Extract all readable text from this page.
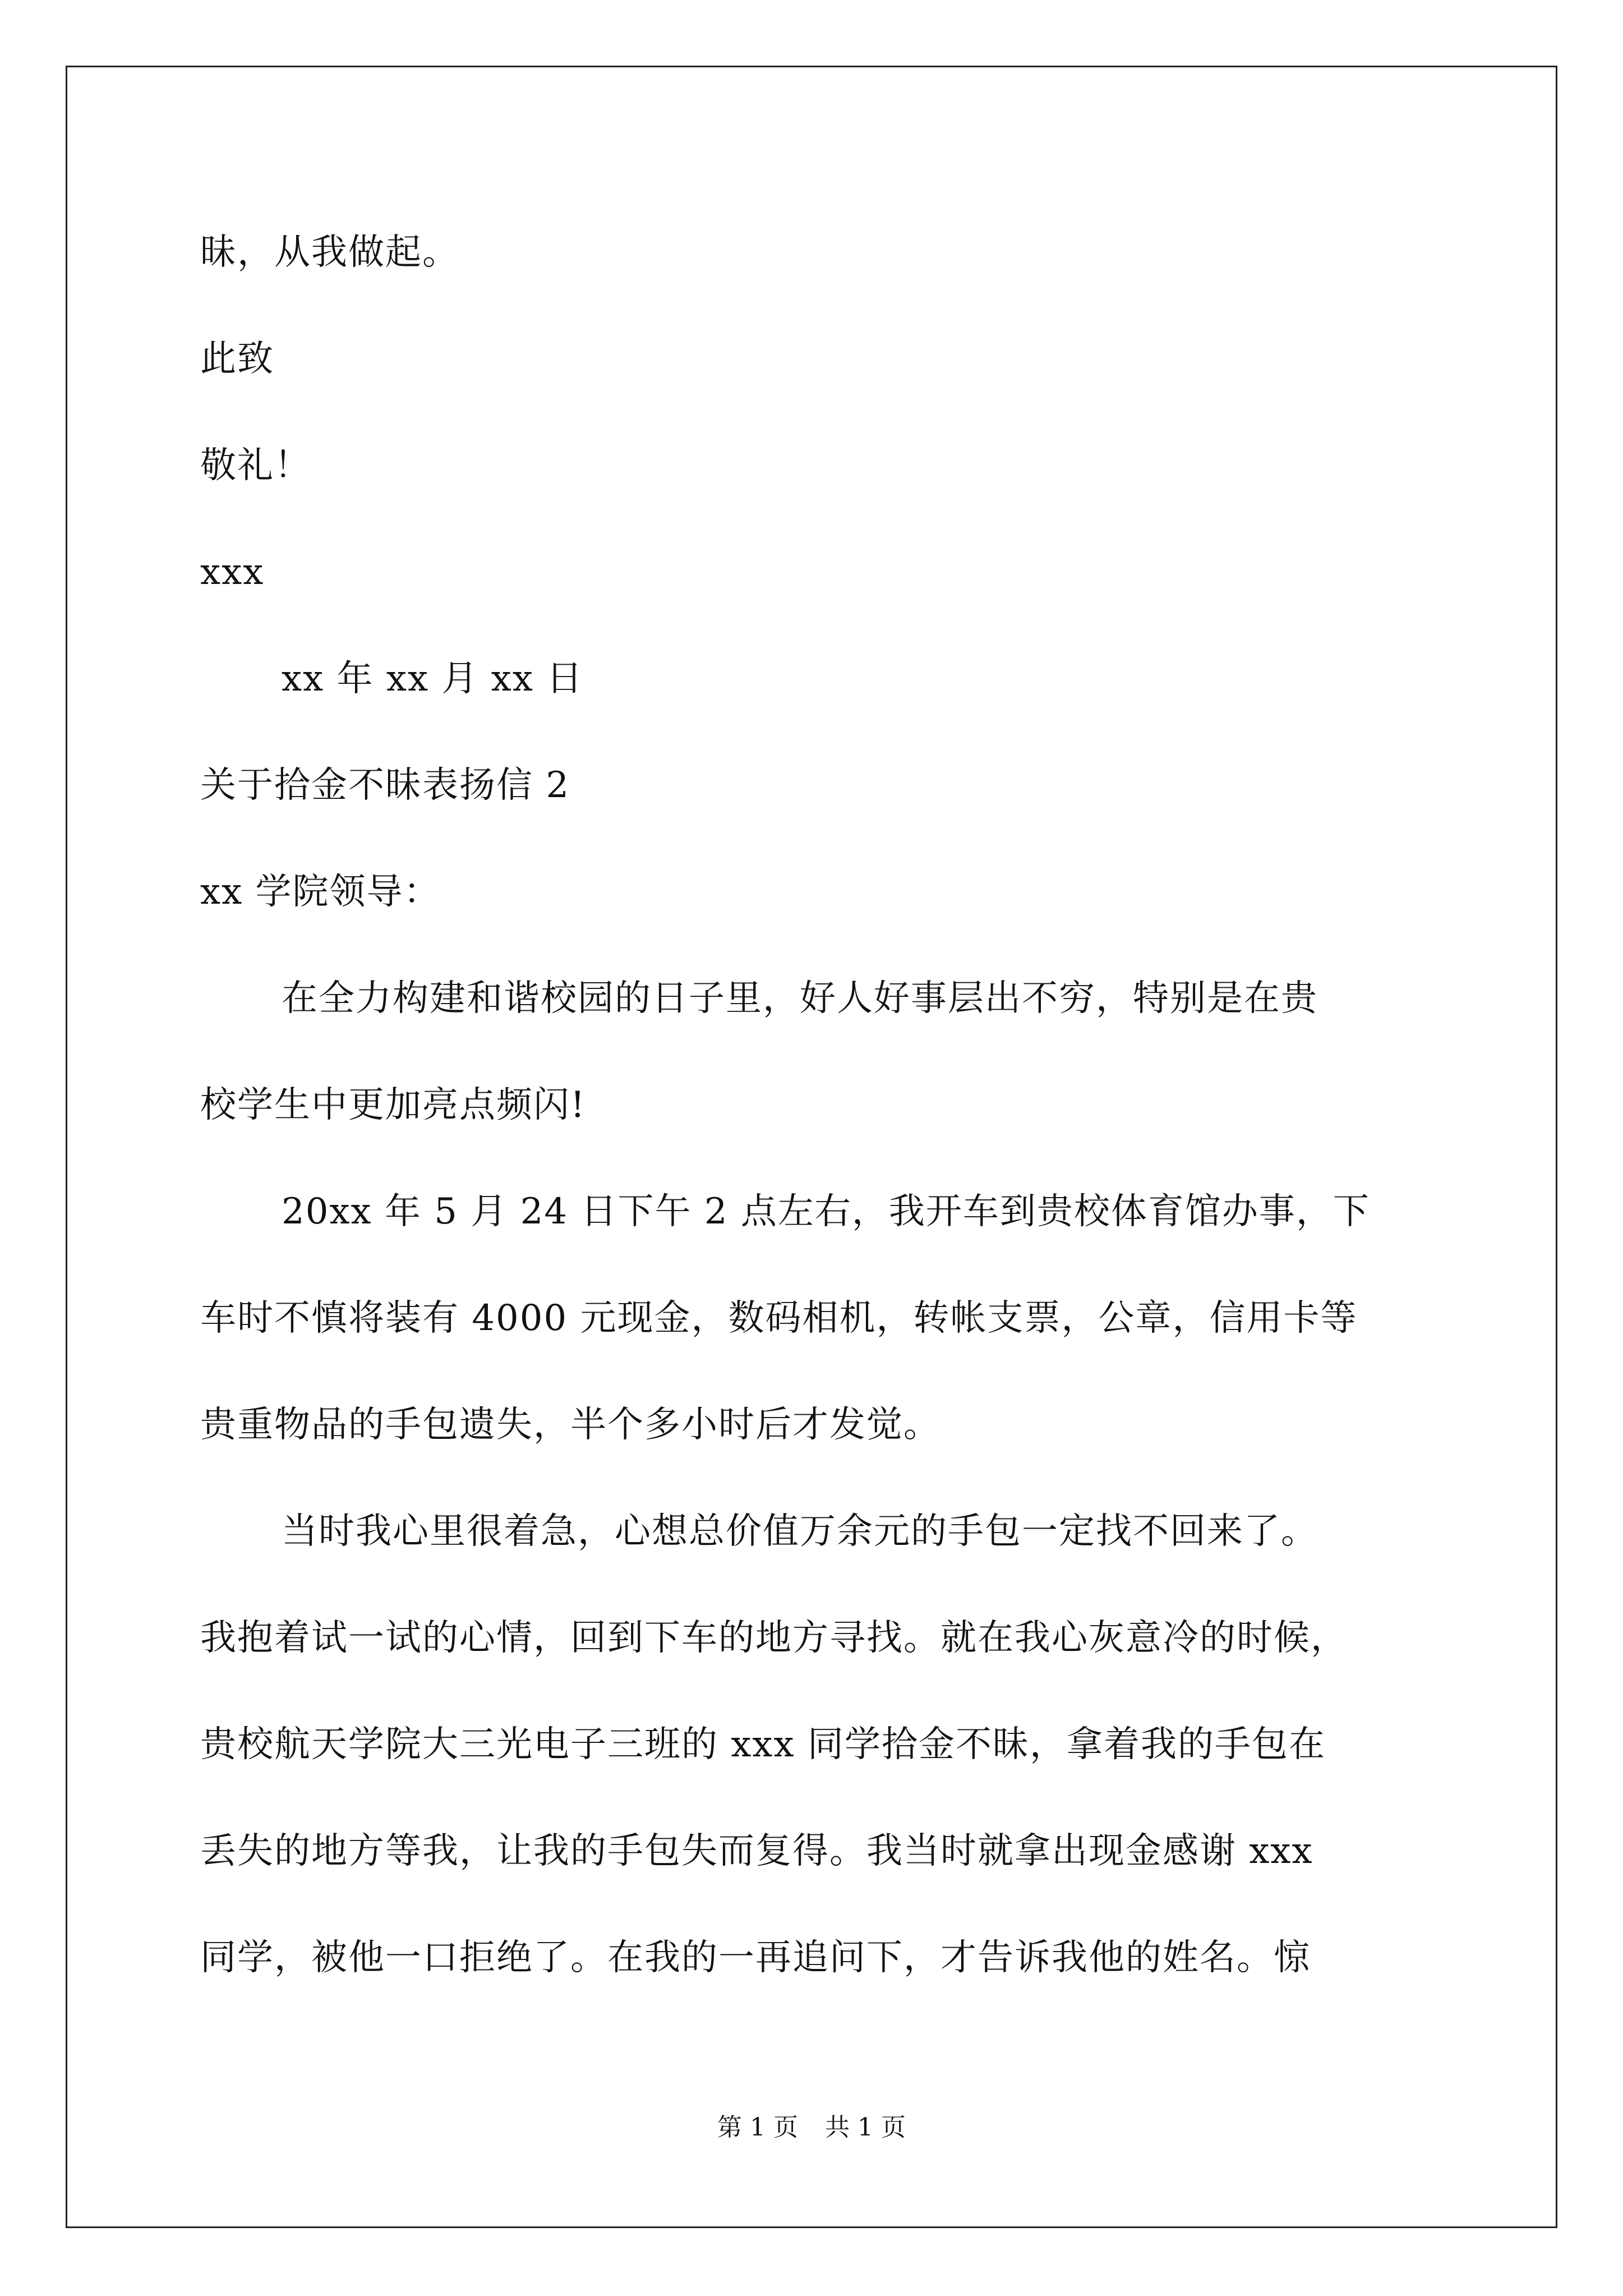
昧，从我做起。
此致
敬礼！
xxx
xx 年 xx 月 xx 日
关于拾金不昧表扬信 2
xx 学院领导：
在全力构建和谐校园的日子里，好人好事层出不穷，特别是在贵
校学生中更加亮点频闪!
20xx 年 5 月 24 日下午 2 点左右，我开车到贵校体育馆办事，下
车时不慎将装有 4000 元现金，数码相机，转帐支票，公章，信用卡等
贵重物品的手包遗失，半个多小时后才发觉。
当时我心里很着急，心想总价值万余元的手包一定找不回来了。
我抱着试一试的心情，回到下车的地方寻找。就在我心灰意冷的时候，
贵校航天学院大三光电子三班的 xxx 同学拾金不昧，拿着我的手包在
丢失的地方等我，让我的手包失而复得。我当时就拿出现金感谢 xxx
同学，被他一口拒绝了。在我的一再追问下，才告诉我他的姓名。惊
第 1 页 共 1 页
